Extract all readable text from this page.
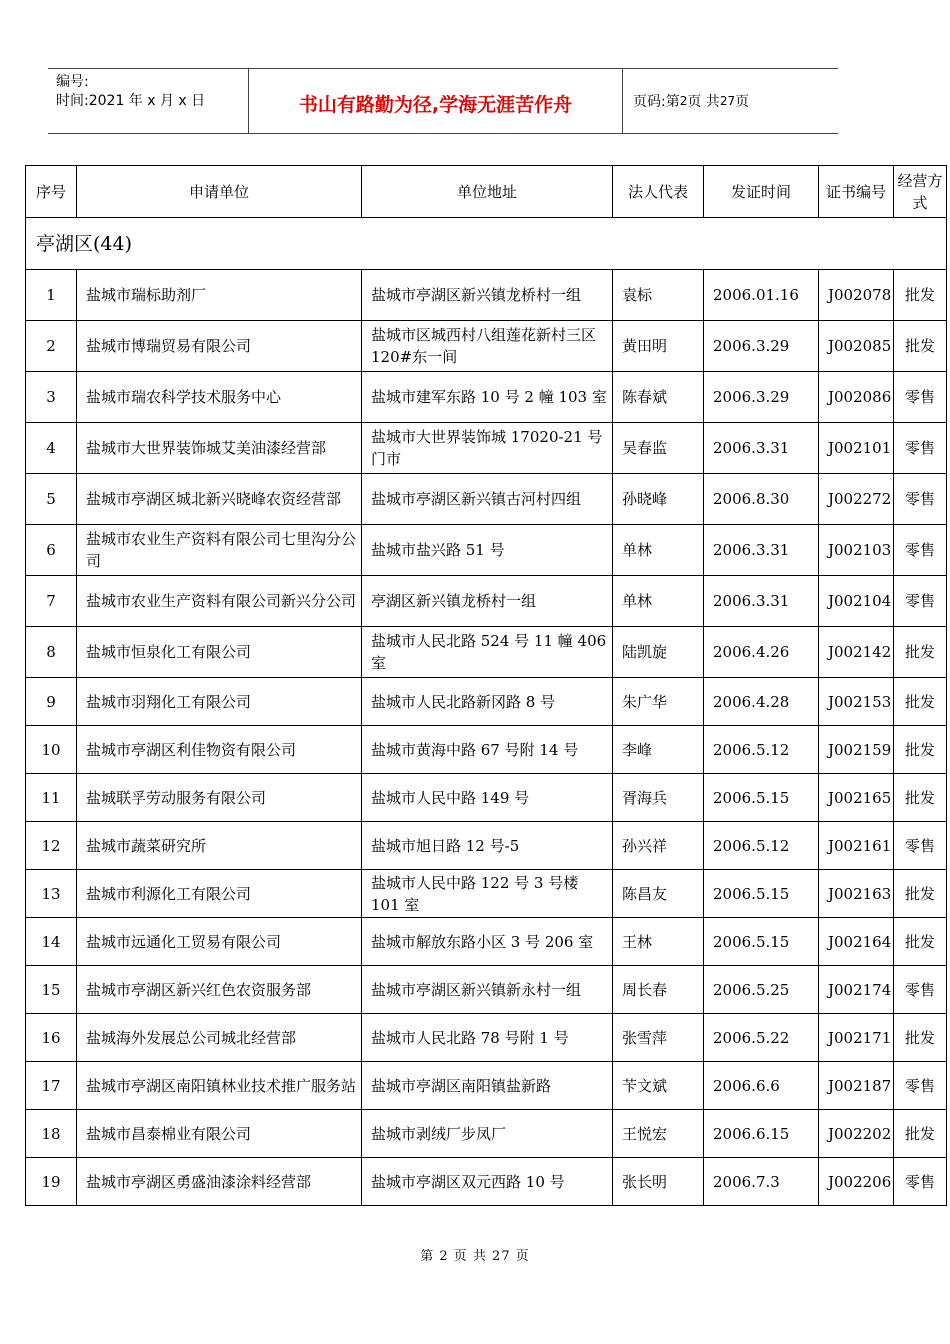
编号:
时间:2021 年 x 月 x 日	书山有路勤为径,学海无涯苦作舟	页码:第 2 页 共 27 页
序号	申请单位	单位地址	法人代表	发证时间	证书编号	经营方式
亭湖区(44)						
1	盐城市瑞标助剂厂	盐城市亭湖区新兴镇龙桥村一组	袁标	2006.01.16	J002078	批发
2	盐城市博瑞贸易有限公司	盐城市区城西村八组莲花新村三区 120#东一间	黄田明	2006.3.29	J002085	批发
3	盐城市瑞农科学技术服务中心	盐城市建军东路 10 号 2 幢 103 室	陈春斌	2006.3.29	J002086	零售
4	盐城市大世界装饰城艾美油漆经营部	盐城市大世界装饰城 17020-21 号门市	吴春监	2006.3.31	J002101	零售
5	盐城市亭湖区城北新兴晓峰农资经营部	盐城市亭湖区新兴镇古河村四组	孙晓峰	2006.8.30	J002272	零售
6	盐城市农业生产资料有限公司七里沟分公司	盐城市盐兴路 51 号	单林	2006.3.31	J002103	零售
7	盐城市农业生产资料有限公司新兴分公司	亭湖区新兴镇龙桥村一组	单林	2006.3.31	J002104	零售
8	盐城市恒泉化工有限公司	盐城市人民北路 524 号 11 幢 406 室	陆凯旋	2006.4.26	J002142	批发
9	盐城市羽翔化工有限公司	盐城市人民北路新冈路 8 号	朱广华	2006.4.28	J002153	批发
10	盐城市亭湖区利佳物资有限公司	盐城市黄海中路 67 号附 14 号	李峰	2006.5.12	J002159	批发
11	盐城联孚劳动服务有限公司	盐城市人民中路 149 号	胥海兵	2006.5.15	J002165	批发
12	盐城市蔬菜研究所	盐城市旭日路 12 号-5	孙兴祥	2006.5.12	J002161	零售
13	盐城市利源化工有限公司	盐城市人民中路 122 号 3 号楼 101 室	陈昌友	2006.5.15	J002163	批发
14	盐城市远通化工贸易有限公司	盐城市解放东路小区 3 号 206 室	王林	2006.5.15	J002164	批发
15	盐城市亭湖区新兴红色农资服务部	盐城市亭湖区新兴镇新永村一组	周长春	2006.5.25	J002174	零售
16	盐城海外发展总公司城北经营部	盐城市人民北路 78 号附 1 号	张雪萍	2006.5.22	J002171	批发
17	盐城市亭湖区南阳镇林业技术推广服务站	盐城市亭湖区南阳镇盐新路	苄文斌	2006.6.6	J002187	零售
18	盐城市昌泰棉业有限公司	盐城市剥绒厂步凤厂	王悦宏	2006.6.15	J002202	批发
19	盐城市亭湖区勇盛油漆涂料经营部	盐城市亭湖区双元西路 10 号	张长明	2006.7.3	J002206	零售
第 2 页 共 27 页
